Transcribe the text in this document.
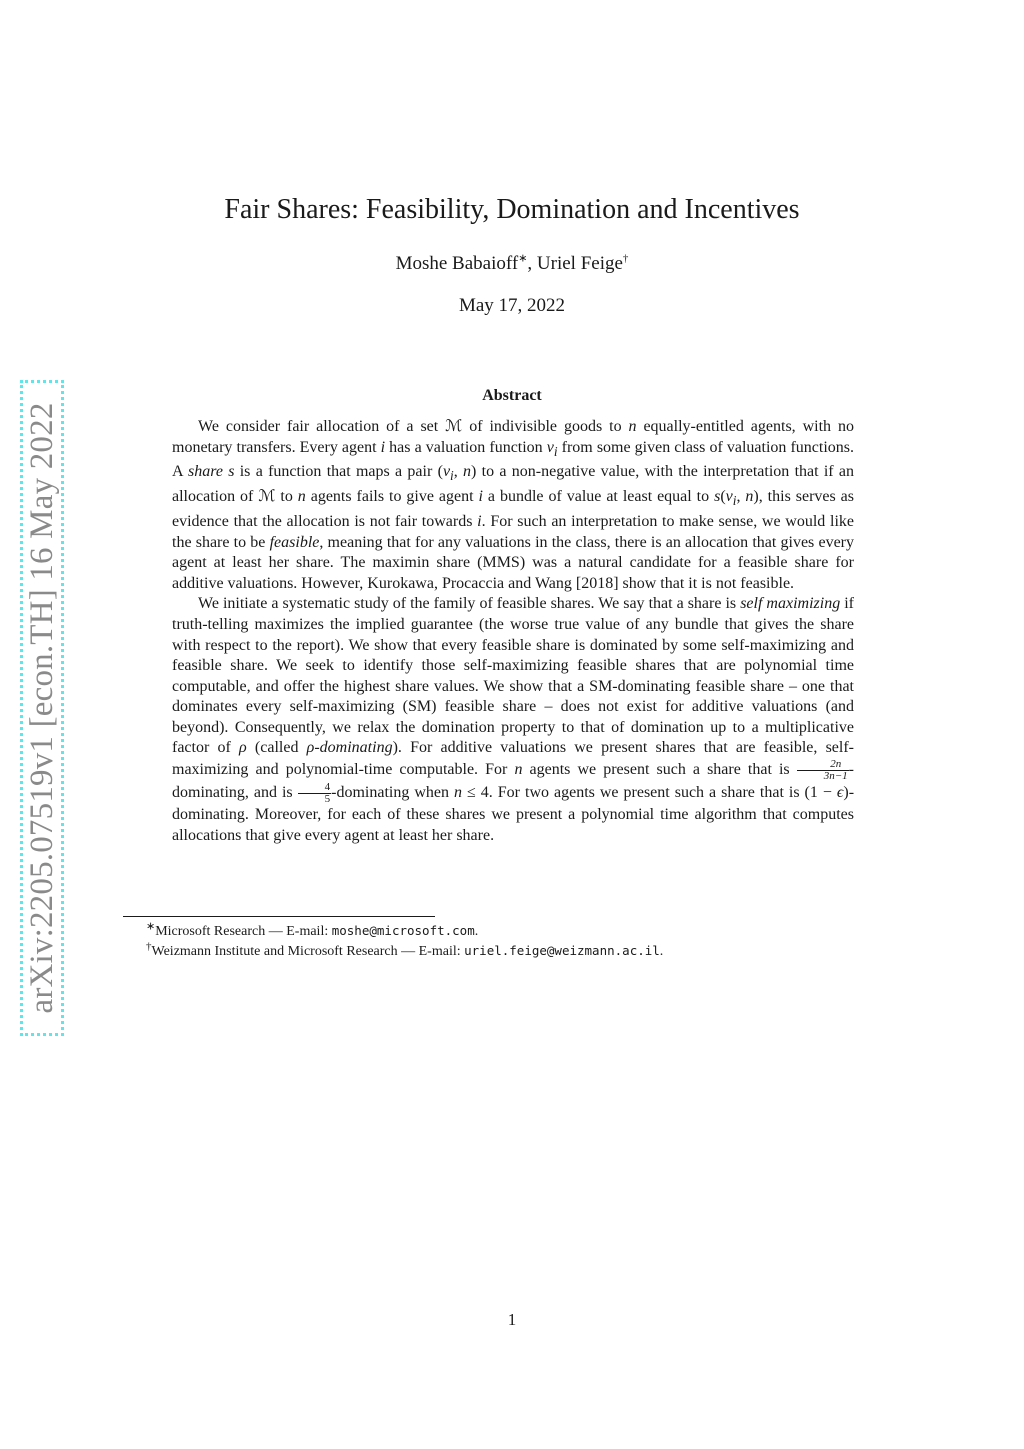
arXiv:2205.07519v1 [econ.TH] 16 May 2022
Fair Shares: Feasibility, Domination and Incentives
Moshe Babaioff∗, Uriel Feige†
May 17, 2022
Abstract

We consider fair allocation of a set ℳ of indivisible goods to n equally-entitled agents, with no monetary transfers. Every agent i has a valuation function $v_i$ from some given class of valuation functions. A share s is a function that maps a pair ($v_i$, n) to a non-negative value, with the interpretation that if an allocation of ℳ to n agents fails to give agent i a bundle of value at least equal to $s(v_i$, n), this serves as evidence that the allocation is not fair towards i. For such an interpretation to make sense, we would like the share to be feasible, meaning that for any valuations in the class, there is an allocation that gives every agent at least her share. The maximin share (MMS) was a natural candidate for a feasible share for additive valuations. However, Kurokawa, Procaccia and Wang [2018] show that it is not feasible.

We initiate a systematic study of the family of feasible shares. We say that a share is self maximizing if truth-telling maximizes the implied guarantee (the worse true value of any bundle that gives the share with respect to the report). We show that every feasible share is dominated by some self-maximizing and feasible share. We seek to identify those self-maximizing feasible shares that are polynomial time computable, and offer the highest share values. We show that a SM-dominating feasible share – one that dominates every self-maximizing (SM) feasible share – does not exist for additive valuations (and beyond). Consequently, we relax the domination property to that of domination up to a multiplicative factor of ρ (called ρ-dominating). For additive valuations we present shares that are feasible, self-maximizing and polynomial-time computable. For n agents we present such a share that is $\frac{2n}{3n-1}$ -dominating, and is $\frac{4}{5}$ -dominating when n ≤ 4. For two agents we present such a share that is (1 − ϵ)-dominating. Moreover, for each of these shares we present a polynomial time algorithm that computes allocations that give every agent at least her share.

∗Microsoft Research — E-mail: moshe@microsoft.com.
†Weizmann Institute and Microsoft Research — E-mail: uriel.feige@weizmann.ac.il.
1
